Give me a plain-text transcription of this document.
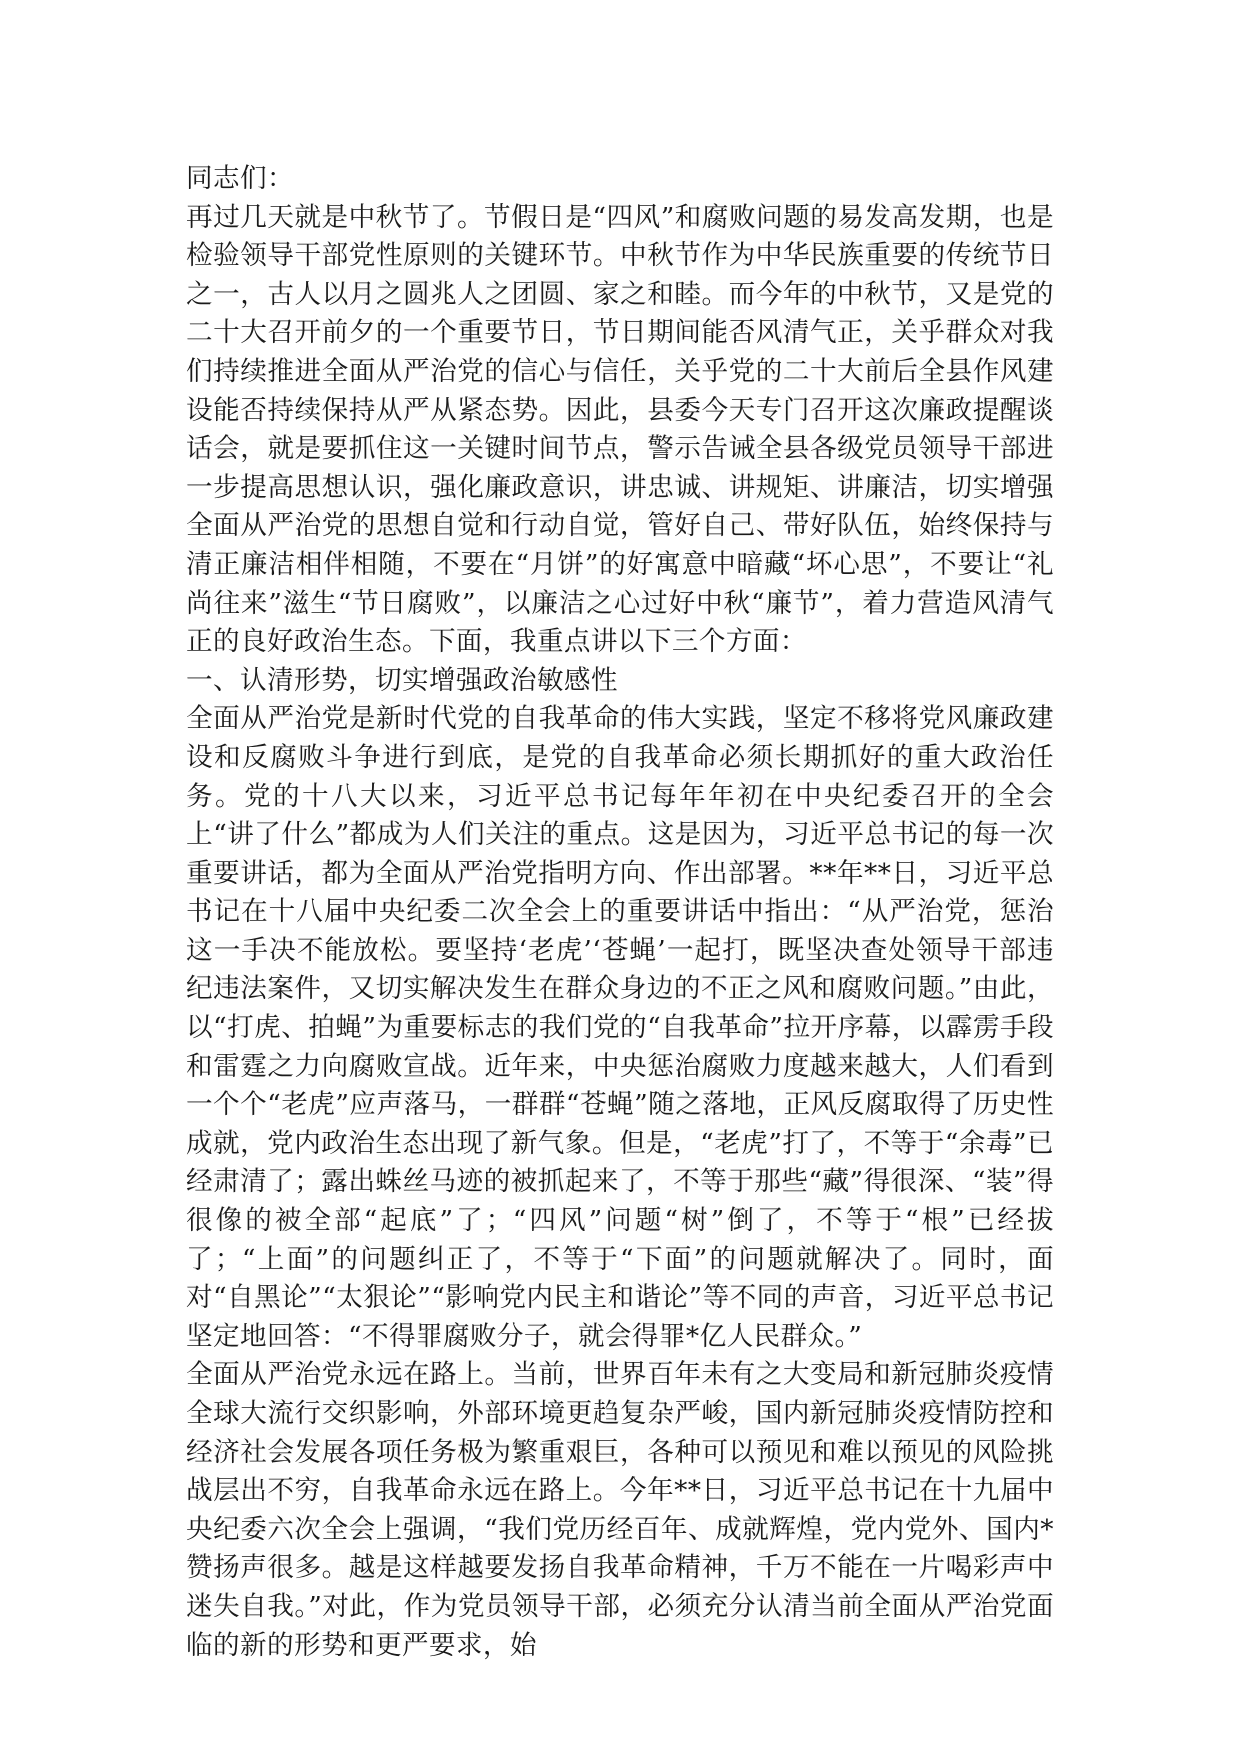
同志们：

再过几天就是中秋节了。节假日是“四风”和腐败问题的易发高发期，也是检验领导干部党性原则的关键环节。中秋节作为中华民族重要的传统节日之一，古人以月之圆兆人之团圆、家之和睦。而今年的中秋节，又是党的二十大召开前夕的一个重要节日，节日期间能否风清气正，关乎群众对我们持续推进全面从严治党的信心与信任，关乎党的二十大前后全县作风建设能否持续保持从严从紧态势。因此，县委今天专门召开这次廉政提醒谈话会，就是要抓住这一关键时间节点，警示告诫全县各级党员领导干部进一步提高思想认识，强化廉政意识，讲忠诚、讲规矩、讲廉洁，切实增强全面从严治党的思想自觉和行动自觉，管好自己、带好队伍，始终保持与清正廉洁相伴相随，不要在“月饼”的好寓意中暗藏“坏心思”，不要让“礼尚往来”滋生“节日腐败”，以廉洁之心过好中秋“廉节”，着力营造风清气正的良好政治生态。下面，我重点讲以下三个方面：

一、认清形势，切实增强政治敏感性

全面从严治党是新时代党的自我革命的伟大实践，坚定不移将党风廉政建设和反腐败斗争进行到底，是党的自我革命必须长期抓好的重大政治任务。党的十八大以来，习近平总书记每年年初在中央纪委召开的全会上“讲了什么”都成为人们关注的重点。这是因为，习近平总书记的每一次重要讲话，都为全面从严治党指明方向、作出部署。**年**日，习近平总书记在十八届中央纪委二次全会上的重要讲话中指出：“从严治党，惩治这一手决不能放松。要坚持‘老虎’‘苍蝇’一起打，既坚决查处领导干部违纪违法案件，又切实解决发生在群众身边的不正之风和腐败问题。”由此，以“打虎、拍蝇”为重要标志的我们党的“自我革命”拉开序幕，以霹雳手段和雷霆之力向腐败宣战。近年来，中央惩治腐败力度越来越大，人们看到一个个“老虎”应声落马，一群群“苍蝇”随之落地，正风反腐取得了历史性成就，党内政治生态出现了新气象。但是，“老虎”打了，不等于“余毒”已经肃清了；露出蛛丝马迹的被抓起来了，不等于那些“藏”得很深、“装”得很像的被全部“起底”了；“四风”问题“树”倒了，不等于“根”已经拔了；“上面”的问题纠正了，不等于“下面”的问题就解决了。同时，面对“自黑论”“太狠论”“影响党内民主和谐论”等不同的声音，习近平总书记坚定地回答：“不得罪腐败分子，就会得罪*亿人民群众。”

全面从严治党永远在路上。当前，世界百年未有之大变局和新冠肺炎疫情全球大流行交织影响，外部环境更趋复杂严峻，国内新冠肺炎疫情防控和经济社会发展各项任务极为繁重艰巨，各种可以预见和难以预见的风险挑战层出不穷，自我革命永远在路上。今年**日，习近平总书记在十九届中央纪委六次全会上强调，“我们党历经百年、成就辉煌，党内党外、国内*赞扬声很多。越是这样越要发扬自我革命精神，千万不能在一片喝彩声中迷失自我。”对此，作为党员领导干部，必须充分认清当前全面从严治党面临的新的形势和更严要求，始
